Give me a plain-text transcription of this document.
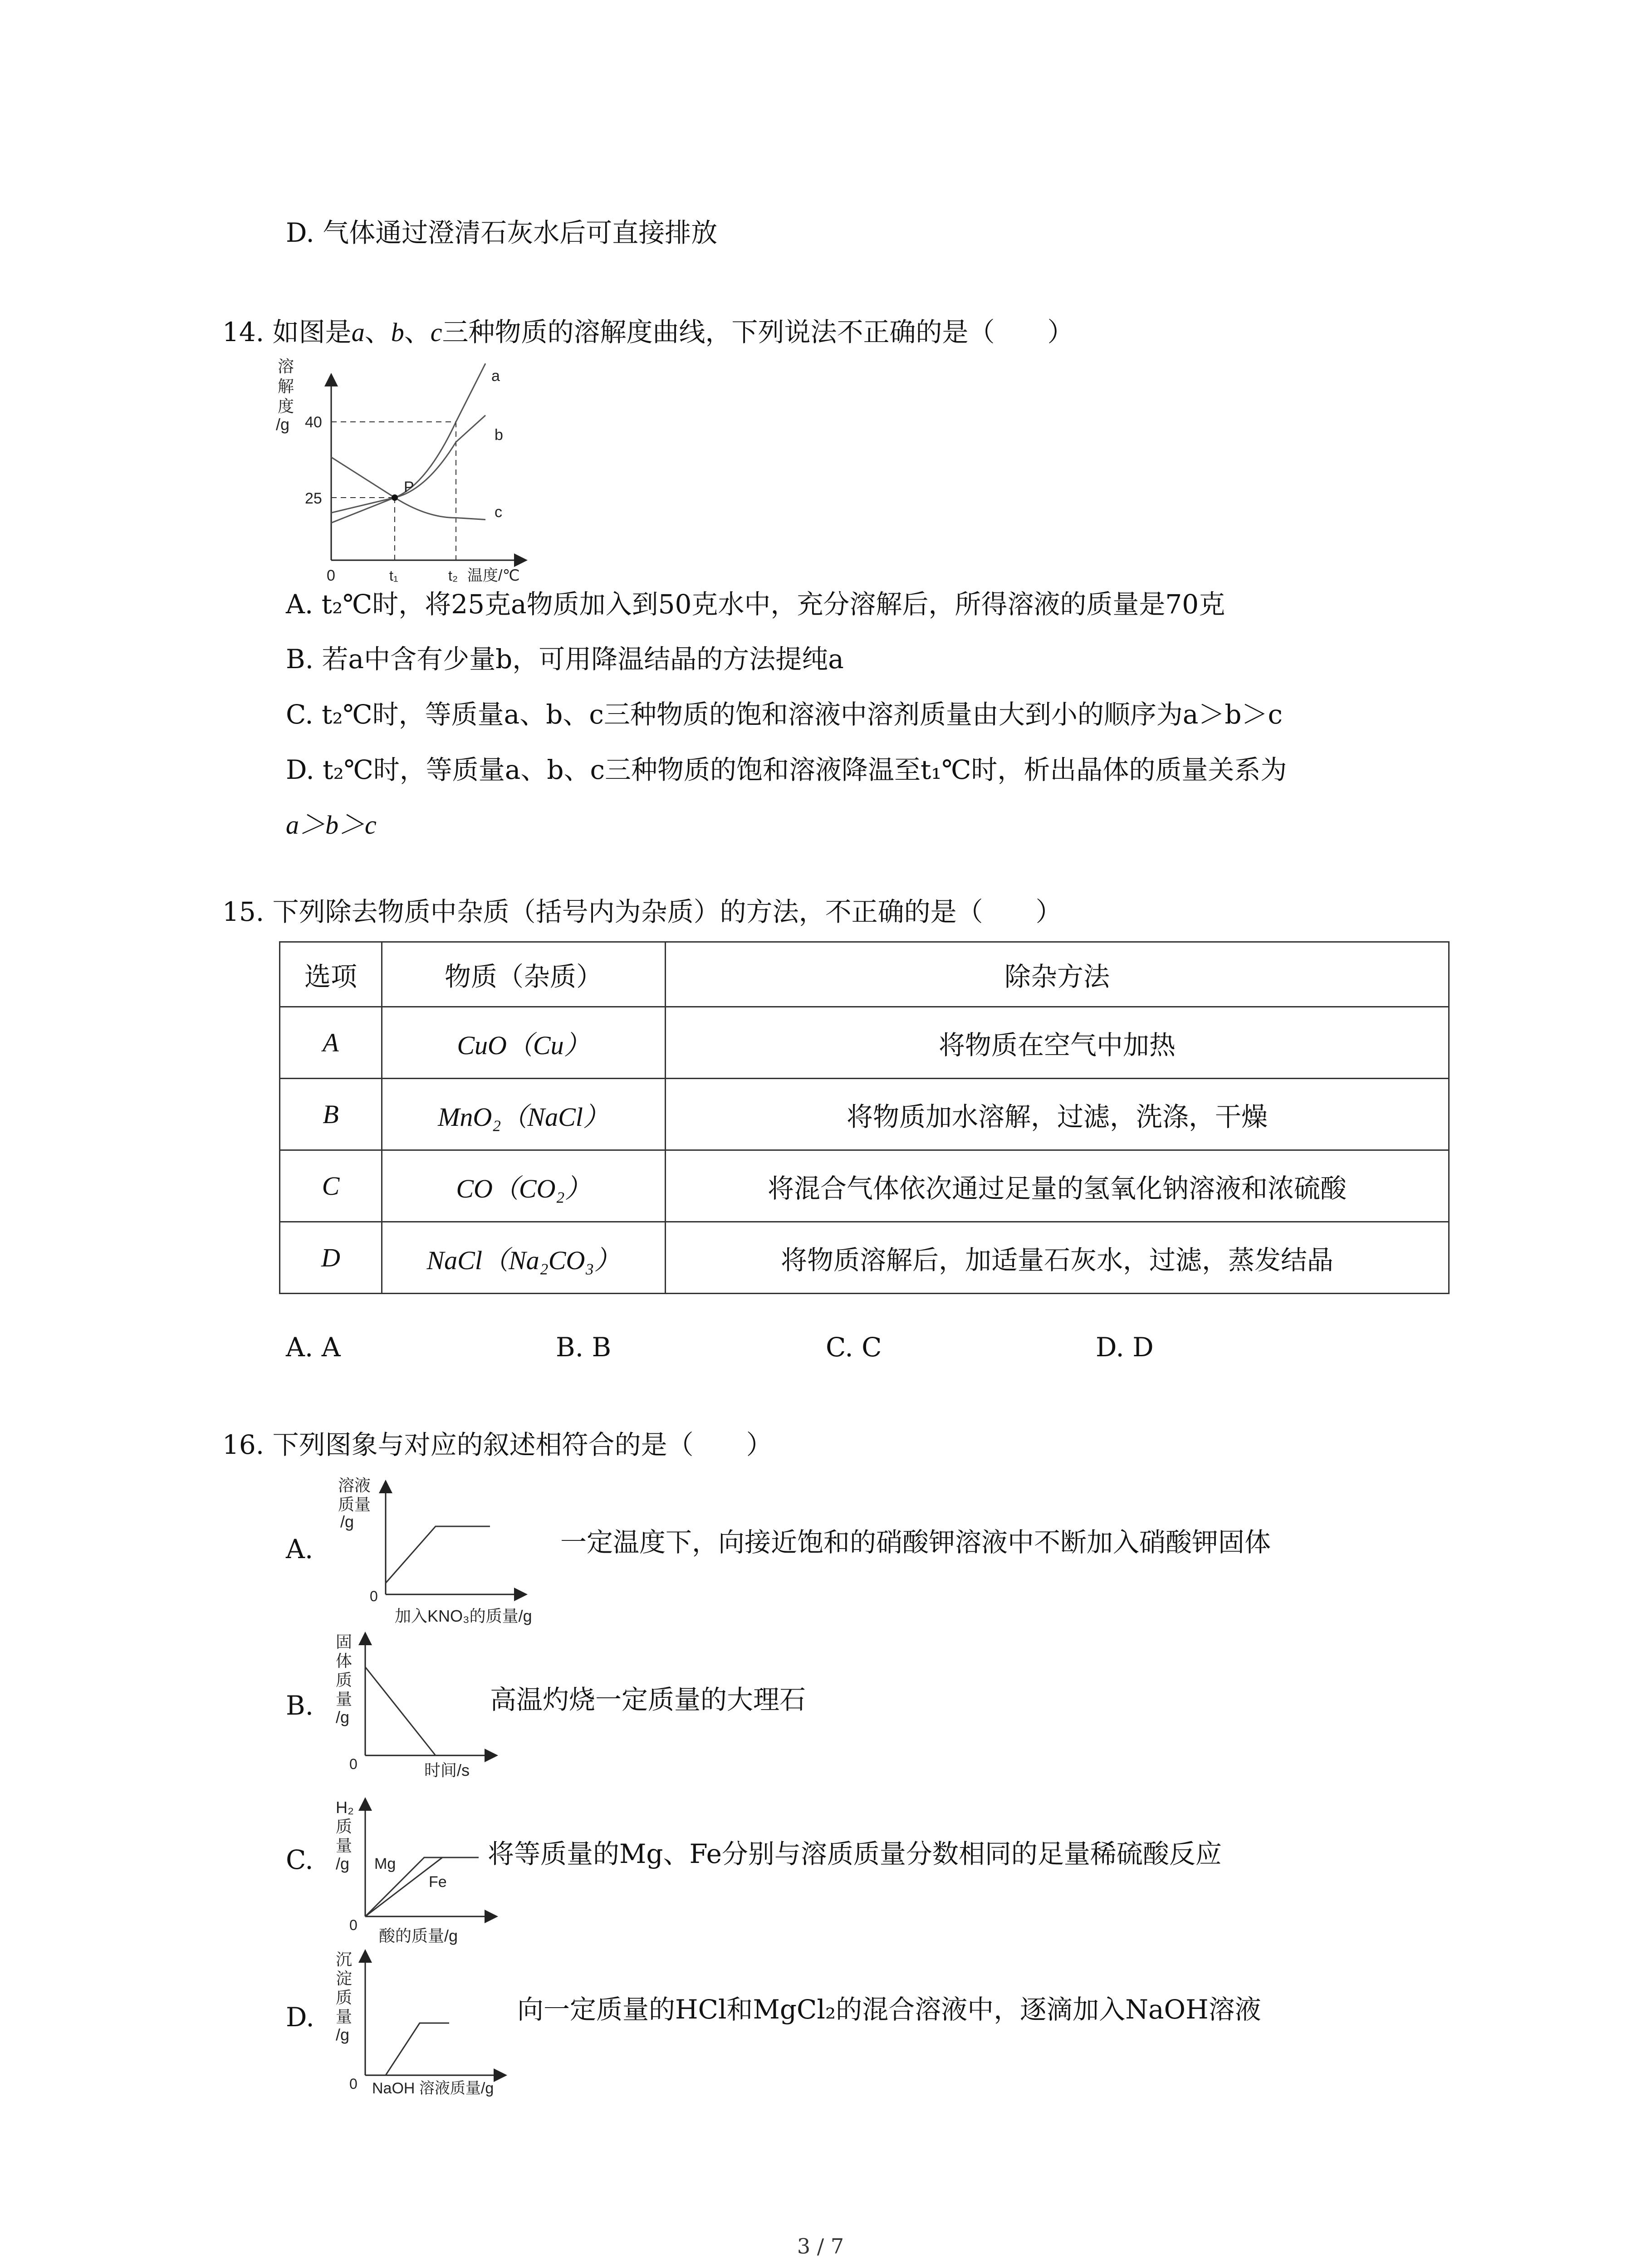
D. 气体通过澄清石灰水后可直接排放
14. 如图是a、b、c三种物质的溶解度曲线，下列说法不正确的是（　　）
溶解度/g 40
25
0	t₁	t₂ 温度/℃
P
a
b
c
A. t₂℃时，将25克a物质加入到50克水中，充分溶解后，所得溶液的质量是70克
B. 若a中含有少量b，可用降温结晶的方法提纯a
C. t₂℃时，等质量a、b、c三种物质的饱和溶液中溶剂质量由大到小的顺序为a＞b＞c
D. t₂℃时，等质量a、b、c三种物质的饱和溶液降温至t₁℃时，析出晶体的质量关系为
a＞b＞c
15. 下列除去物质中杂质（括号内为杂质）的方法，不正确的是（　　）
选项	物质（杂质）	除杂方法
A	CuO（Cu）	将物质在空气中加热
B	MnO₂（NaCl）	将物质加水溶解，过滤，洗涤，干燥
C	CO（CO₂）	将混合气体依次通过足量的氢氧化钠溶液和浓硫酸
D	NaCl（Na₂CO₃）	将物质溶解后，加适量石灰水，过滤，蒸发结晶
A. A	B. B	C. C	D. D
16. 下列图象与对应的叙述相符合的是（　　）
A.
溶液质量/g
0
加入KNO₃的质量/g
一定温度下，向接近饱和的硝酸钾溶液中不断加入硝酸钾固体
B.
固体质量/g
0	时间/s
高温灼烧一定质量的大理石
C.
H₂ 质量/g Mg
Fe
0
酸的质量/g
将等质量的Mg、Fe分别与溶质质量分数相同的足量稀硫酸反应
D.
沉淀质量/g
0 NaOH 溶液质量/g
向一定质量的HCl和MgCl₂的混合溶液中，逐滴加入NaOH溶液
3 / 7
